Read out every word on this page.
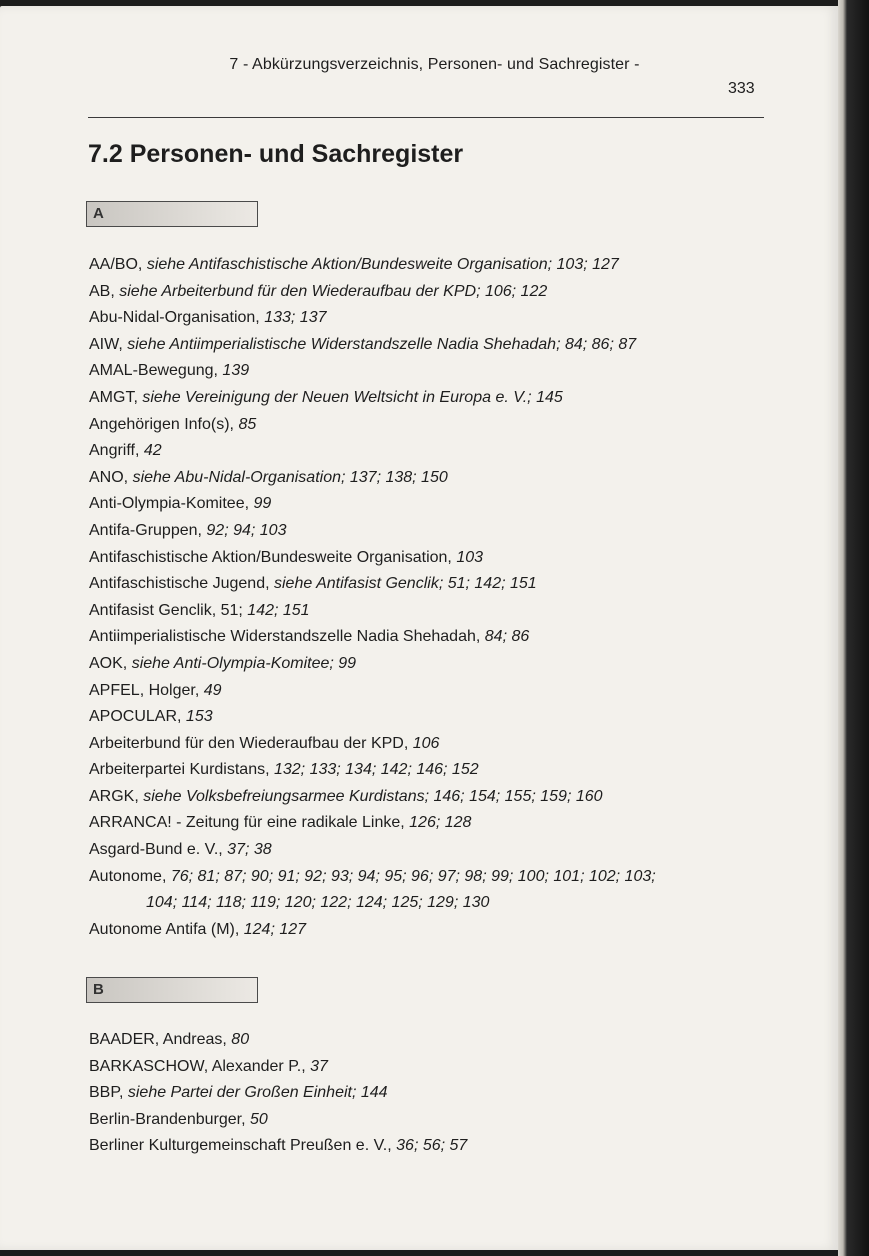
7 - Abkürzungsverzeichnis, Personen- und Sachregister -
333
7.2 Personen- und Sachregister
A
AA/BO, siehe Antifaschistische Aktion/Bundesweite Organisation; 103; 127
AB, siehe Arbeiterbund für den Wiederaufbau der KPD; 106; 122
Abu-Nidal-Organisation, 133; 137
AIW, siehe Antiimperialistische Widerstandszelle Nadia Shehadah; 84; 86; 87
AMAL-Bewegung, 139
AMGT, siehe Vereinigung der Neuen Weltsicht in Europa e. V.; 145
Angehörigen Info(s), 85
Angriff, 42
ANO, siehe Abu-Nidal-Organisation; 137; 138; 150
Anti-Olympia-Komitee, 99
Antifa-Gruppen, 92; 94; 103
Antifaschistische Aktion/Bundesweite Organisation, 103
Antifaschistische Jugend, siehe Antifasist Genclik; 51; 142; 151
Antifasist Genclik, 51; 142; 151
Antiimperialistische Widerstandszelle Nadia Shehadah, 84; 86
AOK, siehe Anti-Olympia-Komitee; 99
APFEL, Holger, 49
APOCULAR, 153
Arbeiterbund für den Wiederaufbau der KPD, 106
Arbeiterpartei Kurdistans, 132; 133; 134; 142; 146; 152
ARGK, siehe Volksbefreiungsarmee Kurdistans; 146; 154; 155; 159; 160
ARRANCA! - Zeitung für eine radikale Linke, 126; 128
Asgard-Bund e. V., 37; 38
Autonome, 76; 81; 87; 90; 91; 92; 93; 94; 95; 96; 97; 98; 99; 100; 101; 102; 103;
104; 114; 118; 119; 120; 122; 124; 125; 129; 130
Autonome Antifa (M), 124; 127
B
BAADER, Andreas, 80
BARKASCHOW, Alexander P., 37
BBP, siehe Partei der Großen Einheit; 144
Berlin-Brandenburger, 50
Berliner Kulturgemeinschaft Preußen e. V., 36; 56; 57
